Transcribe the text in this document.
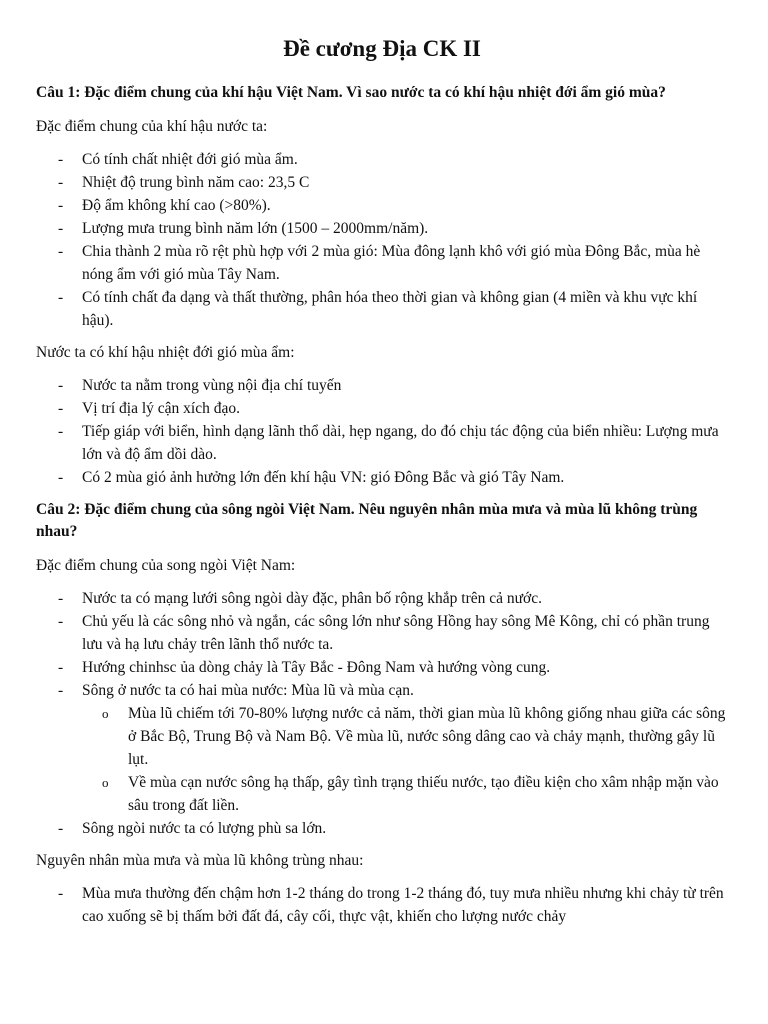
Đề cương Địa CK II
Câu 1: Đặc điểm chung của khí hậu Việt Nam. Vì sao nước ta có khí hậu nhiệt đới ẩm gió mùa?
Đặc điểm chung của khí hậu nước ta:
- Có tính chất nhiệt đới gió mùa ẩm.
- Nhiệt độ trung bình năm cao: 23,5 C
- Độ ẩm không khí cao (>80%).
- Lượng mưa trung bình năm lớn (1500 – 2000mm/năm).
- Chia thành 2 mùa rõ rệt phù hợp với 2 mùa gió: Mùa đông lạnh khô với gió mùa Đông Bắc, mùa hè nóng ẩm với gió mùa Tây Nam.
- Có tính chất đa dạng và thất thường, phân hóa theo thời gian và không gian (4 miền và khu vực khí hậu).
Nước ta có khí hậu nhiệt đới gió mùa ẩm:
- Nước ta nằm trong vùng nội địa chí tuyến
- Vị trí địa lý cận xích đạo.
- Tiếp giáp với biển, hình dạng lãnh thổ dài, hẹp ngang, do đó chịu tác động của biển nhiều: Lượng mưa lớn và độ ẩm dồi dào.
- Có 2 mùa gió ảnh hưởng lớn đến khí hậu VN: gió Đông Bắc và gió Tây Nam.
Câu 2: Đặc điểm chung của sông ngòi Việt Nam. Nêu nguyên nhân mùa mưa và mùa lũ không trùng nhau?
Đặc điểm chung của song ngòi Việt Nam:
- Nước ta có mạng lưới sông ngòi dày đặc, phân bố rộng khắp trên cả nước.
- Chủ yếu là các sông nhỏ và ngắn, các sông lớn như sông Hồng hay sông Mê Kông, chỉ có phần trung lưu và hạ lưu chảy trên lãnh thổ nước ta.
- Hướng chinhsc ủa dòng chảy là Tây Bắc - Đông Nam và hướng vòng cung.
- Sông ở nước ta có hai mùa nước: Mùa lũ và mùa cạn.
o Mùa lũ chiếm tới 70-80% lượng nước cả năm, thời gian mùa lũ không giống nhau giữa các sông ở Bắc Bộ, Trung Bộ và Nam Bộ. Về mùa lũ, nước sông dâng cao và chảy mạnh, thường gây lũ lụt.
o Về mùa cạn nước sông hạ thấp, gây tình trạng thiếu nước, tạo điều kiện cho xâm nhập mặn vào sâu trong đất liền.
- Sông ngòi nước ta có lượng phù sa lớn.
Nguyên nhân mùa mưa và mùa lũ không trùng nhau:
- Mùa mưa thường đến chậm hơn 1-2 tháng do trong 1-2 tháng đó, tuy mưa nhiều nhưng khi chảy từ trên cao xuống sẽ bị thấm bởi đất đá, cây cối, thực vật, khiến cho lượng nước chảy
